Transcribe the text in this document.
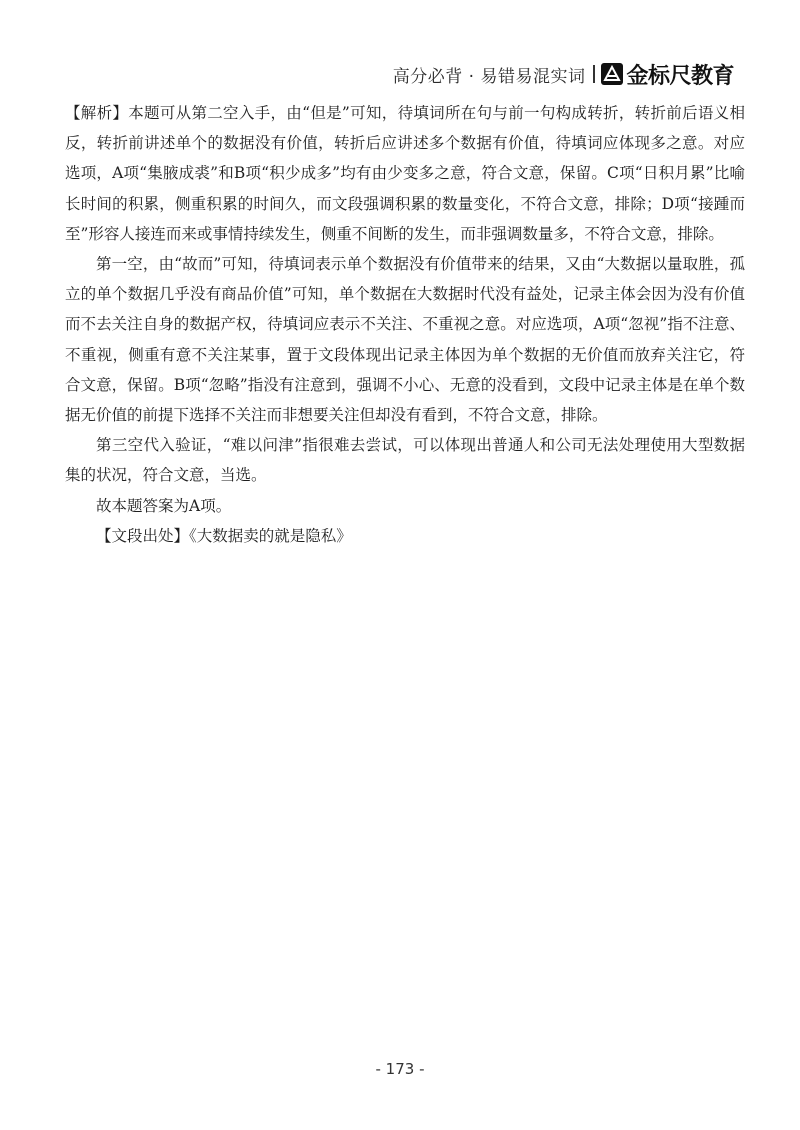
高分必背 · 易错易混实词 金标尺教育

【解析】本题可从第二空入手，由“但是”可知，待填词所在句与前一句构成转折，转折前后语义相反，转折前讲述单个的数据没有价值，转折后应讲述多个数据有价值，待填词应体现多之意。对应选项，A项“集腋成裘”和B项“积少成多”均有由少变多之意，符合文意，保留。C项“日积月累”比喻长时间的积累，侧重积累的时间久，而文段强调积累的数量变化，不符合文意，排除；D项“接踵而至”形容人接连而来或事情持续发生，侧重不间断的发生，而非强调数量多，不符合文意，排除。

第一空，由“故而”可知，待填词表示单个数据没有价值带来的结果，又由“大数据以量取胜，孤立的单个数据几乎没有商品价值”可知，单个数据在大数据时代没有益处，记录主体会因为没有价值而不去关注自身的数据产权，待填词应表示不关注、不重视之意。对应选项，A项“忽视”指不注意、不重视，侧重有意不关注某事，置于文段体现出记录主体因为单个数据的无价值而放弃关注它，符合文意，保留。B项“忽略”指没有注意到，强调不小心、无意的没看到，文段中记录主体是在单个数据无价值的前提下选择不关注而非想要关注但却没有看到，不符合文意，排除。

第三空代入验证，“难以问津”指很难去尝试，可以体现出普通人和公司无法处理使用大型数据集的状况，符合文意，当选。

故本题答案为A项。

【文段出处】《大数据卖的就是隐私》

- 173 -
